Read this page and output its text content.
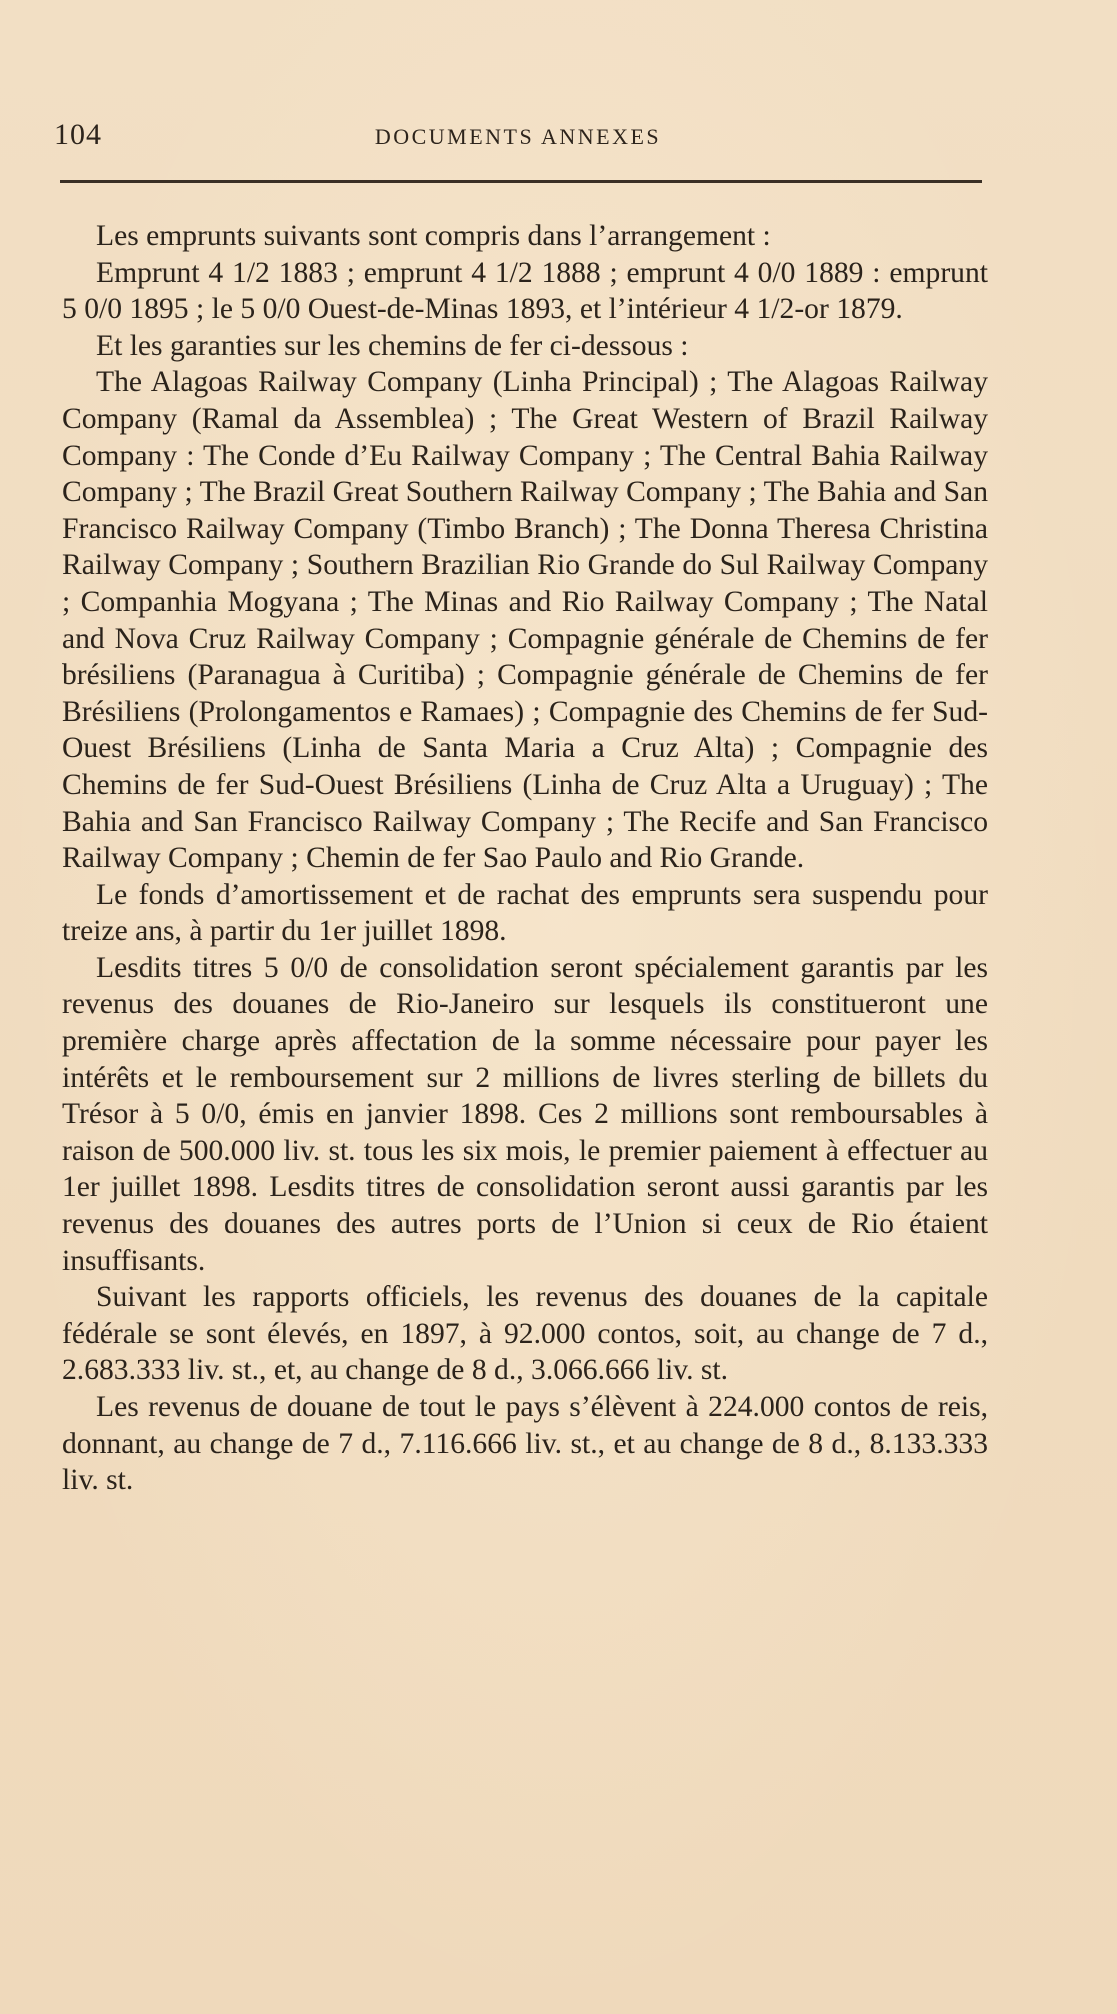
104	DOCUMENTS ANNEXES

Les emprunts suivants sont compris dans l’arrangement :

Emprunt 4 1/2 1883 ; emprunt 4 1/2 1888 ; emprunt 4 0/0 1889 : emprunt 5 0/0 1895 ; le 5 0/0 Ouest-de-Minas 1893, et l’intérieur 4 1/2-or 1879.

Et les garanties sur les chemins de fer ci-dessous :

The Alagoas Railway Company (Linha Principal) ; The Alagoas Railway Company (Ramal da Assemblea) ; The Great Western of Brazil Railway Company : The Conde d’Eu Railway Company ; The Central Bahia Railway Company ; The Brazil Great Southern Railway Company ; The Bahia and San Francisco Railway Company (Timbo Branch) ; The Donna Theresa Christina Railway Company ; Southern Brazilian Rio Grande do Sul Railway Company ; Companhia Mogyana ; The Minas and Rio Railway Company ; The Natal and Nova Cruz Railway Company ; Compagnie générale de Chemins de fer brésiliens (Paranagua à Curitiba) ; Compagnie générale de Chemins de fer Brésiliens (Prolongamentos e Ramaes) ; Compagnie des Chemins de fer Sud-Ouest Brésiliens (Linha de Santa Maria a Cruz Alta) ; Compagnie des Chemins de fer Sud-Ouest Brésiliens (Linha de Cruz Alta a Uruguay) ; The Bahia and San Francisco Railway Company ; The Recife and San Francisco Railway Company ; Chemin de fer Sao Paulo and Rio Grande.

Le fonds d’amortissement et de rachat des emprunts sera suspendu pour treize ans, à partir du 1er juillet 1898.

Lesdits titres 5 0/0 de consolidation seront spécialement garantis par les revenus des douanes de Rio-Janeiro sur lesquels ils constitueront une première charge après affectation de la somme nécessaire pour payer les intérêts et le remboursement sur 2 millions de livres sterling de billets du Trésor à 5 0/0, émis en janvier 1898. Ces 2 millions sont remboursables à raison de 500.000 liv. st. tous les six mois, le premier paiement à effectuer au 1er juillet 1898. Lesdits titres de consolidation seront aussi garantis par les revenus des douanes des autres ports de l’Union si ceux de Rio étaient insuffisants.

Suivant les rapports officiels, les revenus des douanes de la capitale fédérale se sont élevés, en 1897, à 92.000 contos, soit, au change de 7 d., 2.683.333 liv. st., et, au change de 8 d., 3.066.666 liv. st.

Les revenus de douane de tout le pays s’élèvent à 224.000 contos de reis, donnant, au change de 7 d., 7.116.666 liv. st., et au change de 8 d., 8.133.333 liv. st.
